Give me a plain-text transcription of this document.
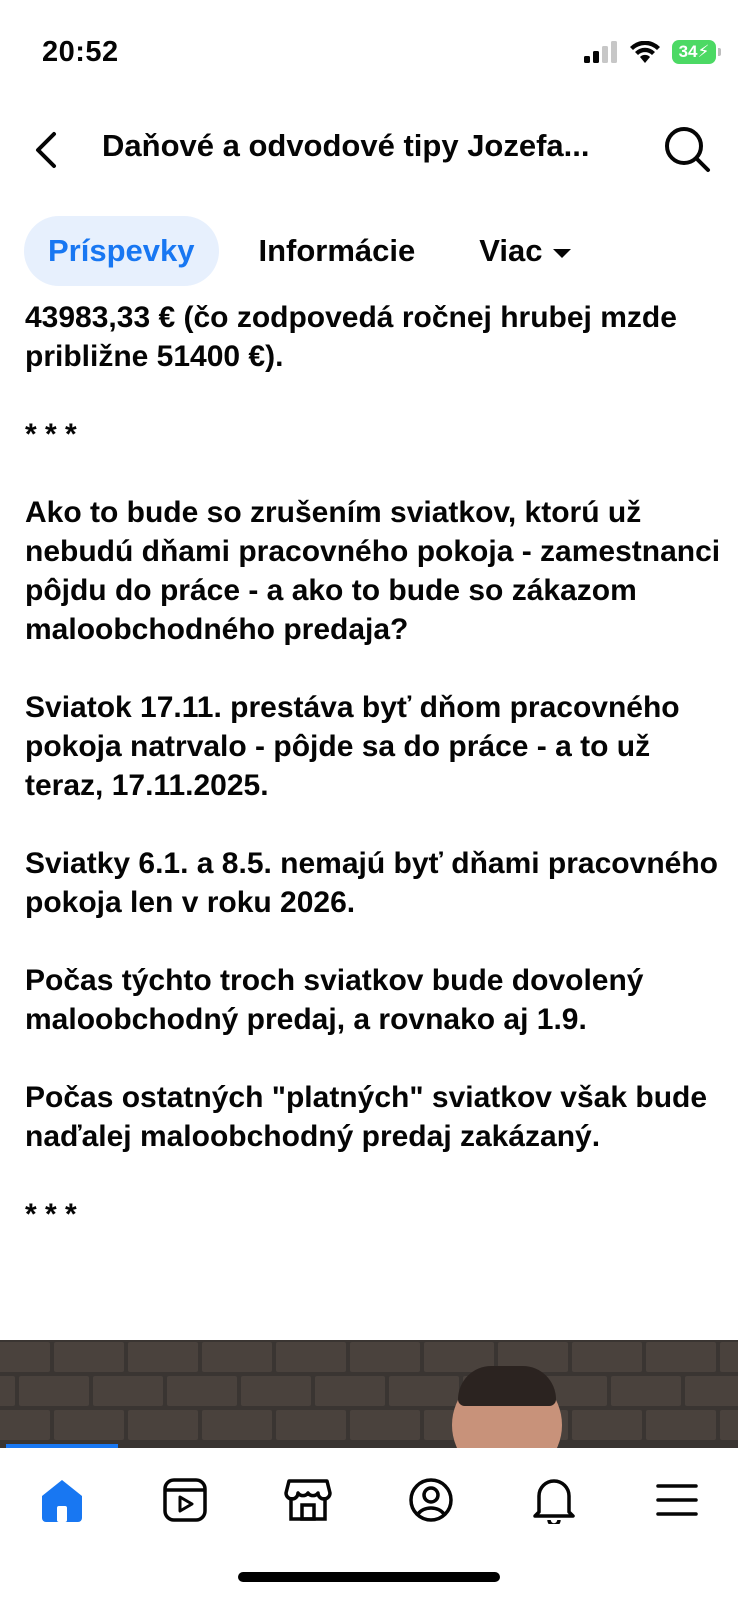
20:52	34 ⚡
Daňové a odvodové tipy Jozefa...
Príspevky	Informácie	Viac

43983,33 € (čo zodpovedá ročnej hrubej mzde približne 51400 €).

* * *

Ako to bude so zrušením sviatkov, ktorú už nebudú dňami pracovného pokoja - zamestnanci pôjdu do práce - a ako to bude so zákazom maloobchodného predaja?

Sviatok 17.11. prestáva byť dňom pracovného pokoja natrvalo - pôjde sa do práce - a to už teraz, 17.11.2025.

Sviatky 6.1. a 8.5. nemajú byť dňami pracovného pokoja len v roku 2026.

Počas týchto troch sviatkov bude dovolený maloobchodný predaj, a rovnako aj 1.9.

Počas ostatných "platných" sviatkov však bude naďalej maloobchodný predaj zakázaný.

* * *
